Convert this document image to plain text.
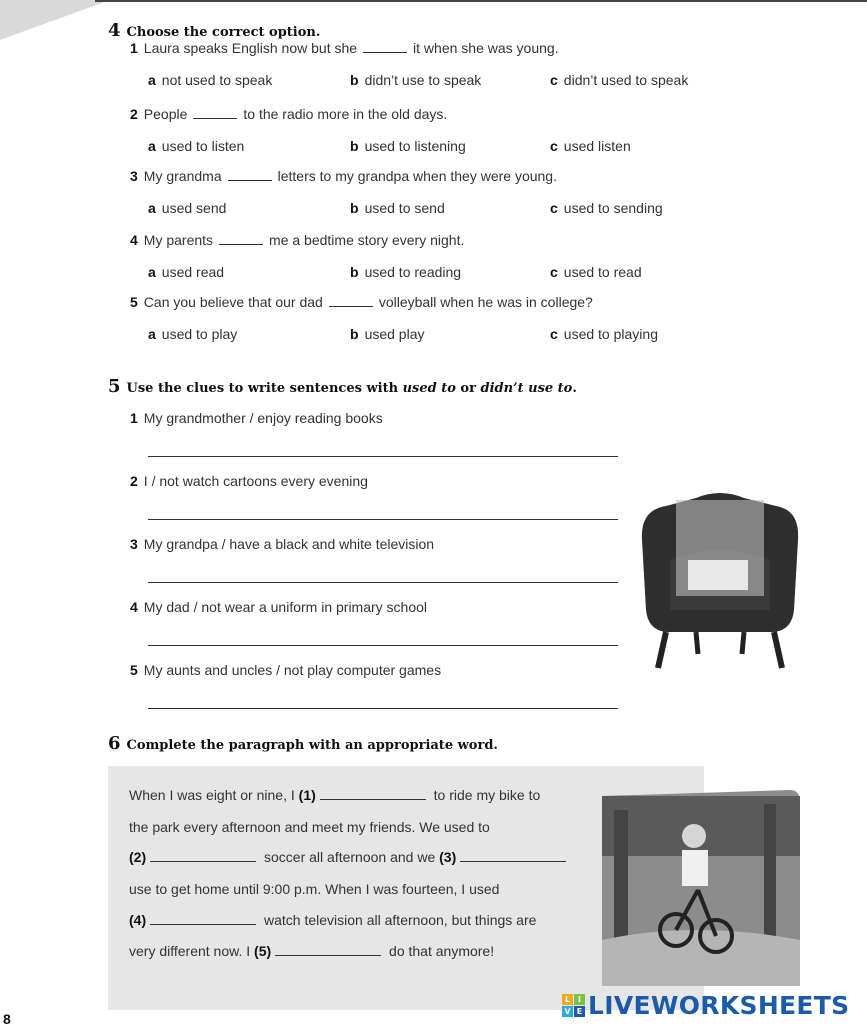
4 Choose the correct option.
1 Laura speaks English now but she	it when she was young.
a not used to speak	b didn’t use to speak	c didn’t used to speak
2 People	to the radio more in the old days.
a used to listen	b used to listening	c used listen
3 My grandma	letters to my grandpa when they were young.
a used send	b used to send	c used to sending
4 My parents	me a bedtime story every night.
a used read	b used to reading	c used to read
5 Can you believe that our dad	volleyball when he was in college?
a used to play	b used play	c used to playing
5 Use the clues to write sentences with used to or didn’t use to.
1 My grandmother / enjoy reading books
2 I / not watch cartoons every evening
3 My grandpa / have a black and white television
4 My dad / not wear a uniform in primary school
5 My aunts and uncles / not play computer games
6 Complete the paragraph with an appropriate word.
When I was eight or nine, I (1)	to ride my bike to
the park every afternoon and meet my friends. We used to
(2)	soccer all afternoon and we (3)
use to get home until 9:00 p.m. When I was fourteen, I used
(4)	watch television all afternoon, but things are
very different now. I (5)	do that anymore!
8
L I
V E LIVEWORKSHEETS
